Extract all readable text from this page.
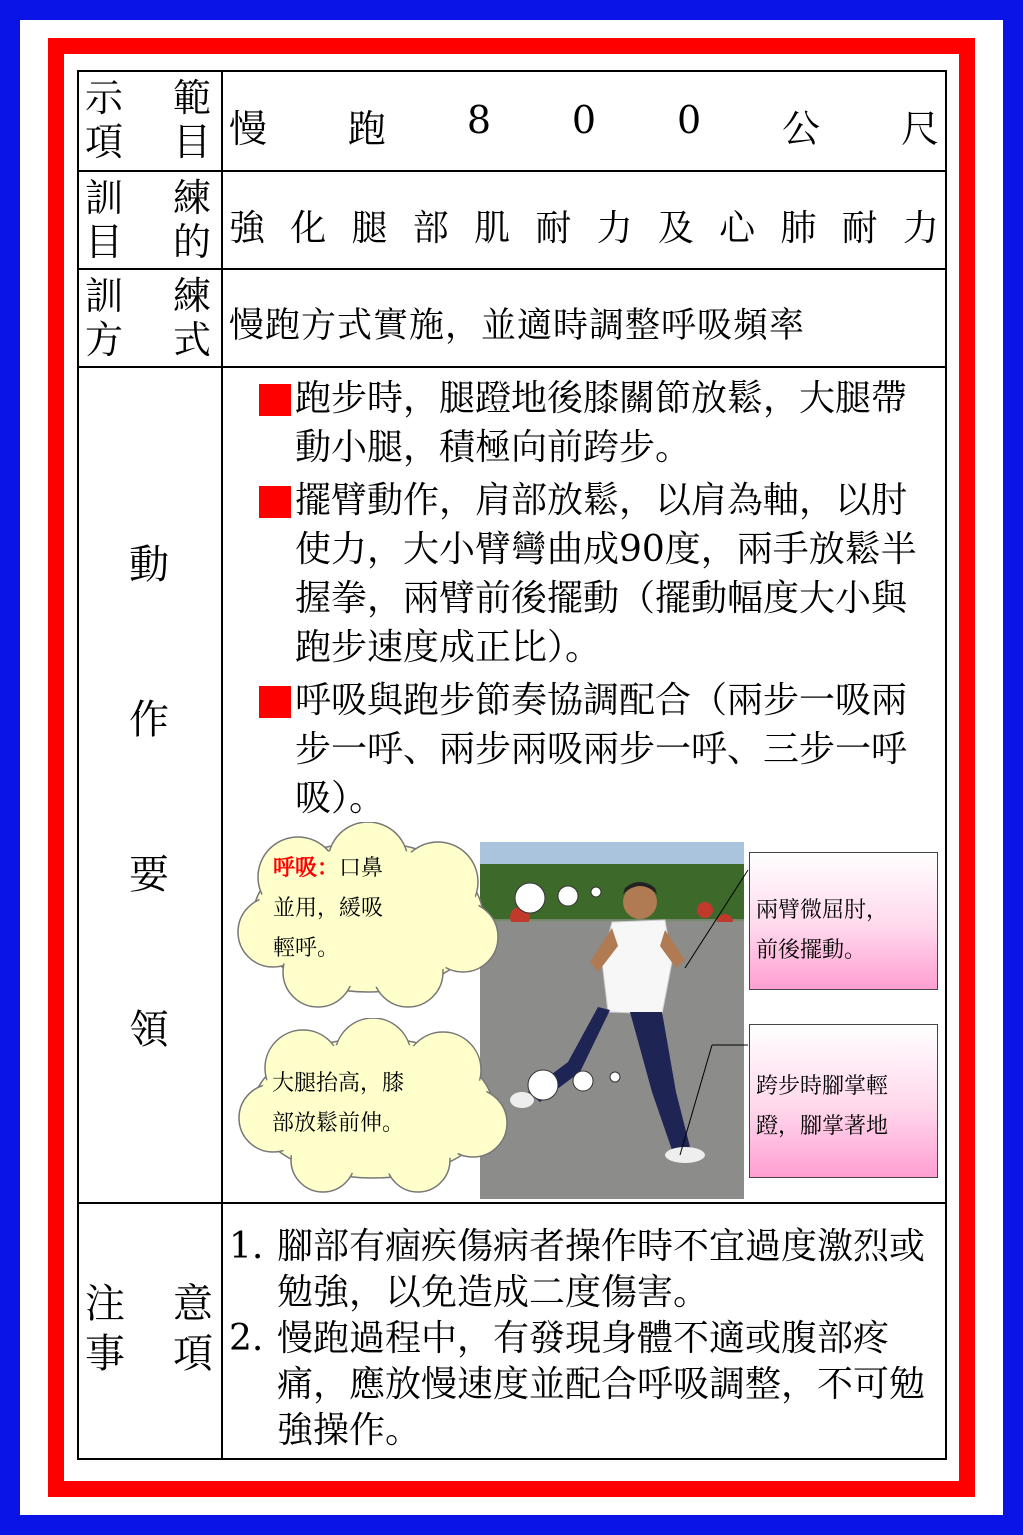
示
項
範
目 慢 跑 8 0 0 公 尺
訓
目
練
的 強 化 腿 部 肌 耐 力 及 心 肺 耐 力
訓
方
練
式 慢跑方式實施，並適時調整呼吸頻率
動
作
要
領
跑步時，腿蹬地後膝關節放鬆，大腿帶動小腿，積極向前跨步。
擺臂動作，肩部放鬆，以肩為軸，以肘使力，大小臂彎曲成90度，兩手放鬆半握拳，兩臂前後擺動（擺動幅度大小與跑步速度成正比）。
呼吸與跑步節奏協調配合（兩步一吸兩步一呼、兩步兩吸兩步一呼、三步一呼吸）。
注
事
意
項
1. 腳部有痼疾傷病者操作時不宜過度激烈或勉強，以免造成二度傷害。
2. 慢跑過程中，有發現身體不適或腹部疼痛，應放慢速度並配合呼吸調整，不可勉強操作。
呼吸：口鼻
並用，緩吸
輕呼。
大腿抬高，膝
部放鬆前伸。
兩臂微屈肘，
前後擺動。
跨步時腳掌輕
蹬，腳掌著地
